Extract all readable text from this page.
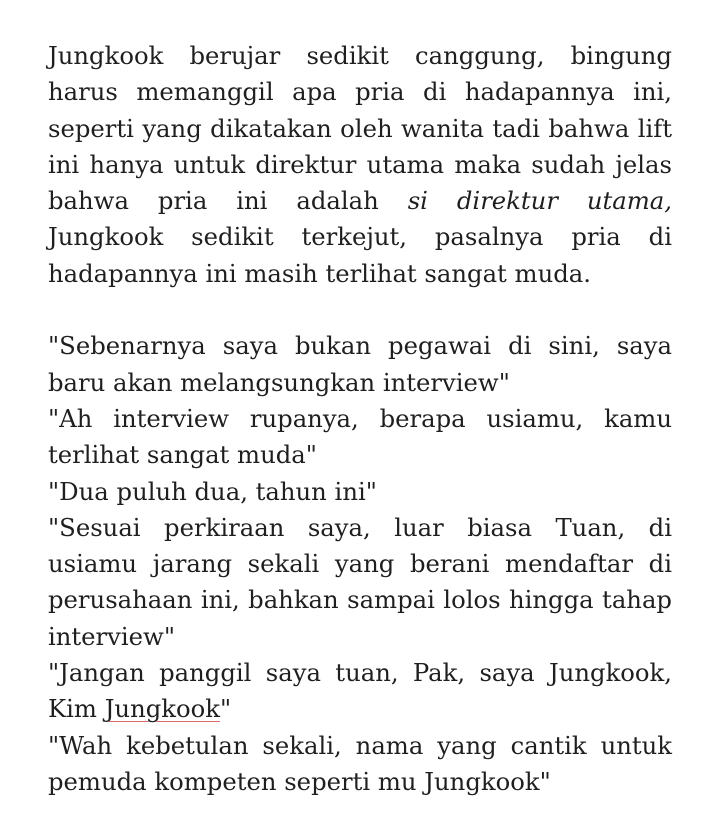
Jungkook berujar sedikit canggung, bingung
harus memanggil apa pria di hadapannya ini,
seperti yang dikatakan oleh wanita tadi bahwa lift
ini hanya untuk direktur utama maka sudah jelas
bahwa pria ini adalah si direktur utama,
Jungkook sedikit terkejut, pasalnya pria di
hadapannya ini masih terlihat sangat muda.

"Sebenarnya saya bukan pegawai di sini, saya
baru akan melangsungkan interview"
"Ah interview rupanya, berapa usiamu, kamu
terlihat sangat muda"
"Dua puluh dua, tahun ini"
"Sesuai perkiraan saya, luar biasa Tuan, di
usiamu jarang sekali yang berani mendaftar di
perusahaan ini, bahkan sampai lolos hingga tahap
interview"
"Jangan panggil saya tuan, Pak, saya Jungkook,
Kim Jungkook"
"Wah kebetulan sekali, nama yang cantik untuk
pemuda kompeten seperti mu Jungkook"
